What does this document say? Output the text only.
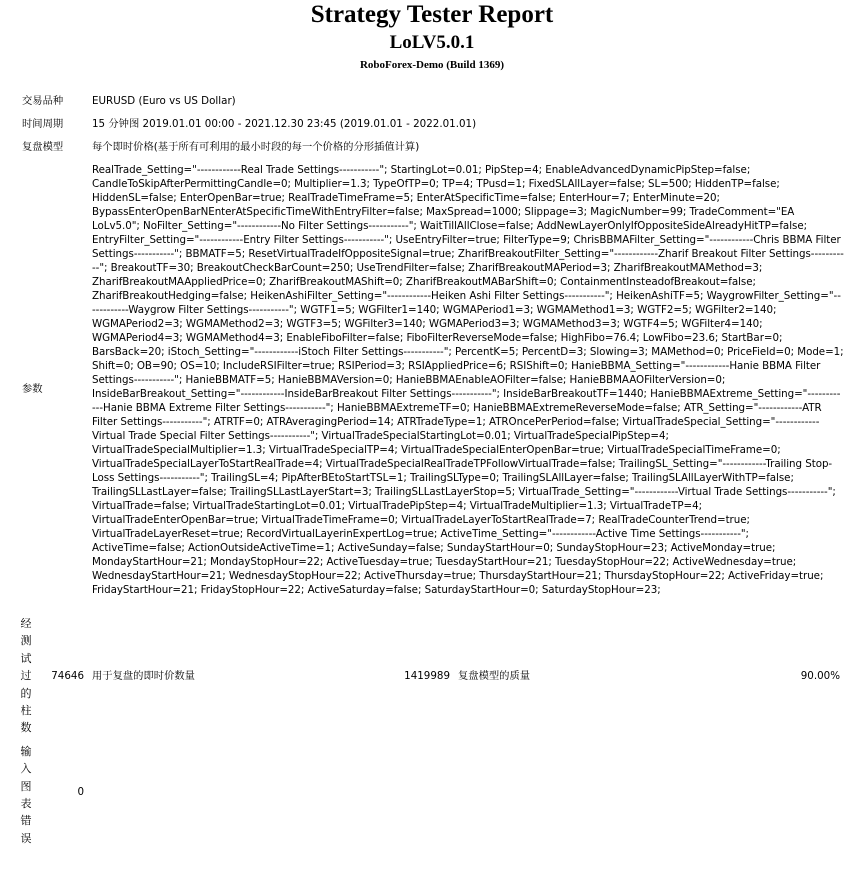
Strategy Tester Report
LoLV5.0.1
RoboForex-Demo (Build 1369)
交易品种		EURUSD (Euro vs US Dollar)			
时间周期		15 分钟图 2019.01.01 00:00 - 2021.12.30 23:45 (2019.01.01 - 2022.01.01)			
复盘模型		每个即时价格(基于所有可利用的最小时段的每一个价格的分形插值计算)			
参数		RealTrade_Setting="------------Real Trade Settings-----------"; StartingLot=0.01; PipStep=4; EnableAdvancedDynamicPipStep=false; CandleToSkipAfterPermittingCandle=0; Multiplier=1.3; TypeOfTP=0; TP=4; TPusd=1; FixedSLAllLayer=false; SL=500; HiddenTP=false; HiddenSL=false; EnterOpenBar=true; RealTradeTimeFrame=5; EnterAtSpecificTime=false; EnterHour=7; EnterMinute=20; BypassEnterOpenBarNEnterAtSpecificTimeWithEntryFilter=false; MaxSpread=1000; Slippage=3; MagicNumber=99; TradeComment="EA LoLv5.0"; NoFilter_Setting="------------No Filter Settings-----------"; WaitTillAllClose=false; AddNewLayerOnlyIfOppositeSideAlreadyHitTP=false; EntryFilter_Setting="------------Entry Filter Settings-----------"; UseEntryFilter=true; FilterType=9; ChrisBBMAFilter_Setting="------------Chris BBMA Filter Settings-----------"; BBMATF=5; ResetVirtualTradeIfOppositeSignal=true; ZharifBreakoutFilter_Setting="------------Zharif Breakout Filter Settings-----------"; BreakoutTF=30; BreakoutCheckBarCount=250; UseTrendFilter=false; ZharifBreakoutMAPeriod=3; ZharifBreakoutMAMethod=3; ZharifBreakoutMAAppliedPrice=0; ZharifBreakoutMAShift=0; ZharifBreakoutMABarShift=0; ContainmentInsteadofBreakout=false; ZharifBreakoutHedging=false; HeikenAshiFilter_Setting="------------Heiken Ashi Filter Settings-----------"; HeikenAshiTF=5; WaygrowFilter_Setting="------------Waygrow Filter Settings-----------"; WGTF1=5; WGFilter1=140; WGMAPeriod1=3; WGMAMethod1=3; WGTF2=5; WGFilter2=140; WGMAPeriod2=3; WGMAMethod2=3; WGTF3=5; WGFilter3=140; WGMAPeriod3=3; WGMAMethod3=3; WGTF4=5; WGFilter4=140; WGMAPeriod4=3; WGMAMethod4=3; EnableFiboFilter=false; FiboFilterReverseMode=false; HighFibo=76.4; LowFibo=23.6; StartBar=0; BarsBack=20; iStoch_Setting="------------iStoch Filter Settings-----------"; PercentK=5; PercentD=3; Slowing=3; MAMethod=0; PriceField=0; Mode=1; Shift=0; OB=90; OS=10; IncludeRSIFilter=true; RSIPeriod=3; RSIAppliedPrice=6; RSIShift=0; HanieBBMA_Setting="------------Hanie BBMA Filter Settings-----------"; HanieBBMATF=5; HanieBBMAVersion=0; HanieBBMAEnableAOFilter=false; HanieBBMAAOFilterVersion=0; InsideBarBreakout_Setting="------------InsideBarBreakout Filter Settings-----------"; InsideBarBreakoutTF=1440; HanieBBMAExtreme_Setting="------------Hanie BBMA Extreme Filter Settings-----------"; HanieBBMAExtremeTF=0; HanieBBMAExtremeReverseMode=false; ATR_Setting="------------ATR Filter Settings-----------"; ATRTF=0; ATRAveragingPeriod=14; ATRTradeType=1; ATROncePerPeriod=false; VirtualTradeSpecial_Setting="------------Virtual Trade Special Filter Settings-----------"; VirtualTradeSpecialStartingLot=0.01; VirtualTradeSpecialPipStep=4; VirtualTradeSpecialMultiplier=1.3; VirtualTradeSpecialTP=4; VirtualTradeSpecialEnterOpenBar=true; VirtualTradeSpecialTimeFrame=0; VirtualTradeSpecialLayerToStartRealTrade=4; VirtualTradeSpecialRealTradeTPFollowVirtualTrade=false; TrailingSL_Setting="------------Trailing Stop-Loss Settings-----------"; TrailingSL=4; PipAfterBEtoStartTSL=1; TrailingSLType=0; TrailingSLAllLayer=false; TrailingSLAllLayerWithTP=false; TrailingSLLastLayer=false; TrailingSLLastLayerStart=3; TrailingSLLastLayerStop=5; VirtualTrade_Setting="------------Virtual Trade Settings-----------"; VirtualTrade=false; VirtualTradeStartingLot=0.01; VirtualTradePipStep=4; VirtualTradeMultiplier=1.3; VirtualTradeTP=4; VirtualTradeEnterOpenBar=true; VirtualTradeTimeFrame=0; VirtualTradeLayerToStartRealTrade=7; RealTradeCounterTrend=true; VirtualTradeLayerReset=true; RecordVirtualLayerinExpertLog=true; ActiveTime_Setting="------------Active Time Settings-----------"; ActiveTime=false; ActionOutsideActiveTime=1; ActiveSunday=false; SundayStartHour=0; SundayStopHour=23; ActiveMonday=true; MondayStartHour=21; MondayStopHour=22; ActiveTuesday=true; TuesdayStartHour=21; TuesdayStopHour=22; ActiveWednesday=true; WednesdayStartHour=21; WednesdayStopHour=22; ActiveThursday=true; ThursdayStartHour=21; ThursdayStopHour=22; ActiveFriday=true; FridayStartHour=21; FridayStopHour=22; ActiveSaturday=false; SaturdayStartHour=0; SaturdayStopHour=23;			

经
测
试
过
的
柱
数
	74646	用于复盘的即时价数量	1419989	复盘模型的质量	90.00%

输
入
图
表
错
误
	0	
